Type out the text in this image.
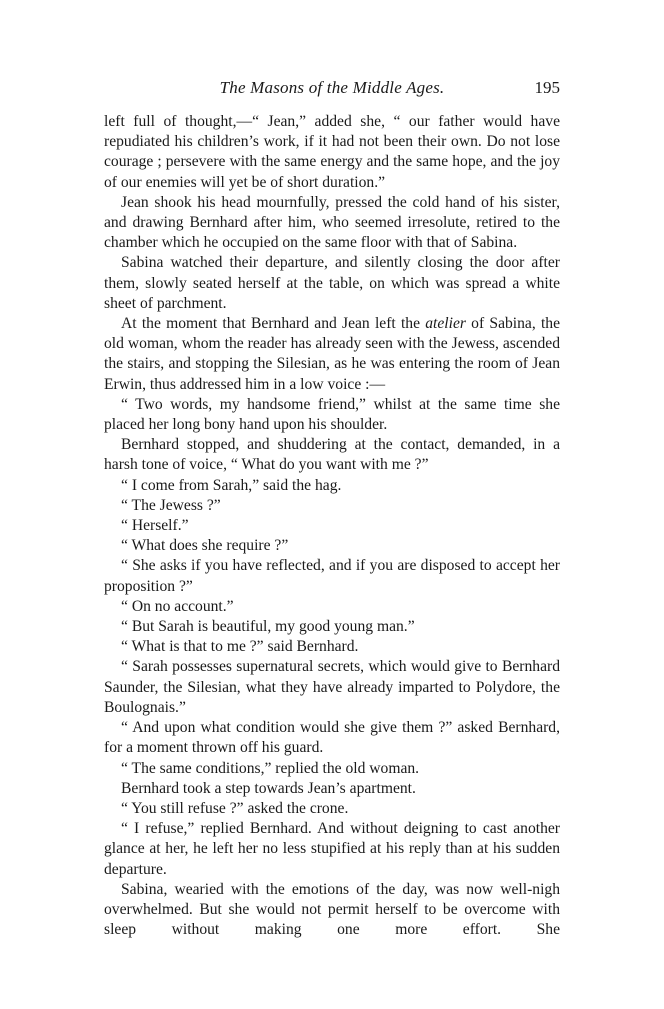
The Masons of the Middle Ages.	195

left full of thought,—“ Jean,” added she, “ our father would have repudiated his children’s work, if it had not been their own. Do not lose courage ; persevere with the same energy and the same hope, and the joy of our enemies will yet be of short duration.”

Jean shook his head mournfully, pressed the cold hand of his sister, and drawing Bernhard after him, who seemed irresolute, retired to the chamber which he occupied on the same floor with that of Sabina.

Sabina watched their departure, and silently closing the door after them, slowly seated herself at the table, on which was spread a white sheet of parchment.

At the moment that Bernhard and Jean left the atelier of Sabina, the old woman, whom the reader has already seen with the Jewess, ascended the stairs, and stopping the Silesian, as he was entering the room of Jean Erwin, thus addressed him in a low voice :—

“ Two words, my handsome friend,” whilst at the same time she placed her long bony hand upon his shoulder.

Bernhard stopped, and shuddering at the contact, demanded, in a harsh tone of voice, “ What do you want with me ?”

“ I come from Sarah,” said the hag.

“ The Jewess ?”

“ Herself.”

“ What does she require ?”

“ She asks if you have reflected, and if you are disposed to accept her proposition ?”

“ On no account.”

“ But Sarah is beautiful, my good young man.”

“ What is that to me ?” said Bernhard.

“ Sarah possesses supernatural secrets, which would give to Bernhard Saunder, the Silesian, what they have already imparted to Polydore, the Boulognais.”

“ And upon what condition would she give them ?” asked Bernhard, for a moment thrown off his guard.

“ The same conditions,” replied the old woman.

Bernhard took a step towards Jean’s apartment.

“ You still refuse ?” asked the crone.

“ I refuse,” replied Bernhard. And without deigning to cast another glance at her, he left her no less stupified at his reply than at his sudden departure.

Sabina, wearied with the emotions of the day, was now well-nigh overwhelmed. But she would not permit herself to be overcome with sleep without making one more effort. She
